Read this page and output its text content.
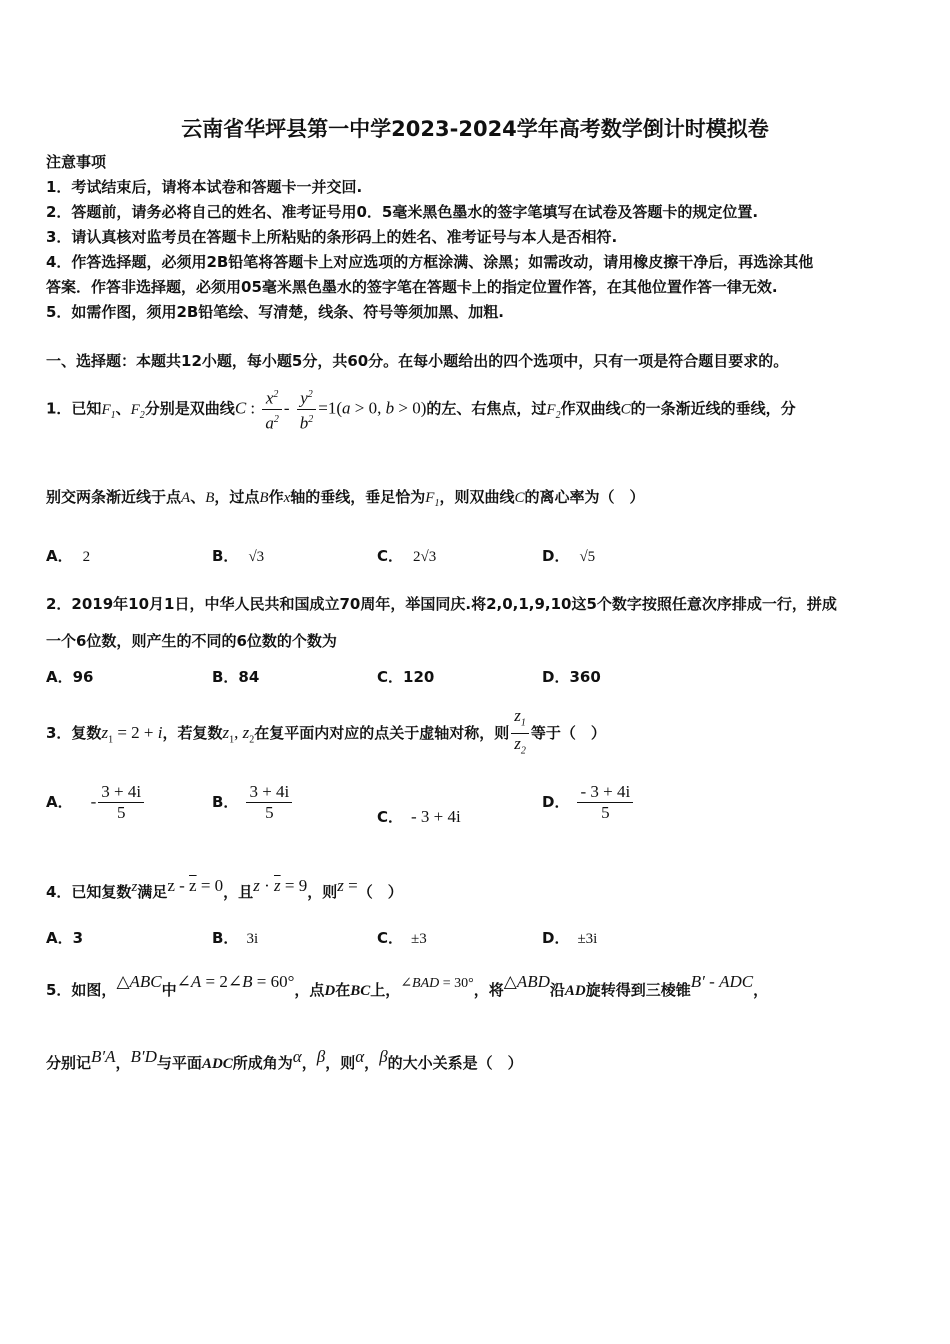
云南省华坪县第一中学2023-2024学年高考数学倒计时模拟卷
注意事项
1．考试结束后，请将本试卷和答题卡一并交回.
2．答题前，请务必将自己的姓名、准考证号用0．5毫米黑色墨水的签字笔填写在试卷及答题卡的规定位置.
3．请认真核对监考员在答题卡上所粘贴的条形码上的姓名、准考证号与本人是否相符.
4．作答选择题，必须用2B铅笔将答题卡上对应选项的方框涂满、涂黑；如需改动，请用橡皮擦干净后，再选涂其他
答案．作答非选择题，必须用05毫米黑色墨水的签字笔在答题卡上的指定位置作答，在其他位置作答一律无效.
5．如需作图，须用2B铅笔绘、写清楚，线条、符号等须加黑、加粗.
一、选择题：本题共12小题，每小题5分，共60分。在每小题给出的四个选项中，只有一项是符合题目要求的。
1．已知$F_1$、$F_2$分别是双曲线C : $\frac{x^2}{a^2} - \frac{y^2}{b^2} =1(a > 0$, b > 0)的左、右焦点，过$F_2$作双曲线C的一条渐近线的垂线，分
别交两条渐近线于点A、B，过点B作x轴的垂线，垂足恰为$F_1$，则双曲线C的离心率为（　）
A． 2	B． √3	C． 2√3	D． √5
2．2019年10月1日，中华人民共和国成立70周年，举国同庆.将2,0,1,9,10这5个数字按照任意次序排成一行，拼成
一个6位数，则产生的不同的6位数的个数为
A．96	B．84	C．120	D．360
3．复数$z_1 = 2 + i$，若复数$z_1$, $z_2$在复平面内对应的点关于虚轴对称，则 $\frac{z_1}{z_2}$ 等于（　）
A． - $\frac{3 + 4i}{5}$	B． $\frac{3 + 4i}{5}$	C． - 3 + 4i
D． $\frac{- 3 + 4i}{5}$
4．已知复数z满足$z - \overline{z} = 0$，且$z \cdot \overline{z} = 9$，则z =（　）
A．3	B． 3i	C． ±3	D． ±3i
5．如图，△ABC中∠A = 2∠B = 60°，点D在BC上，∠BAD = 30°，将△ABD沿AD旋转得到三棱锥B′ - ADC，
分别记B′A，B′D与平面ADC所成角为α，β，则α，β的大小关系是（　）
